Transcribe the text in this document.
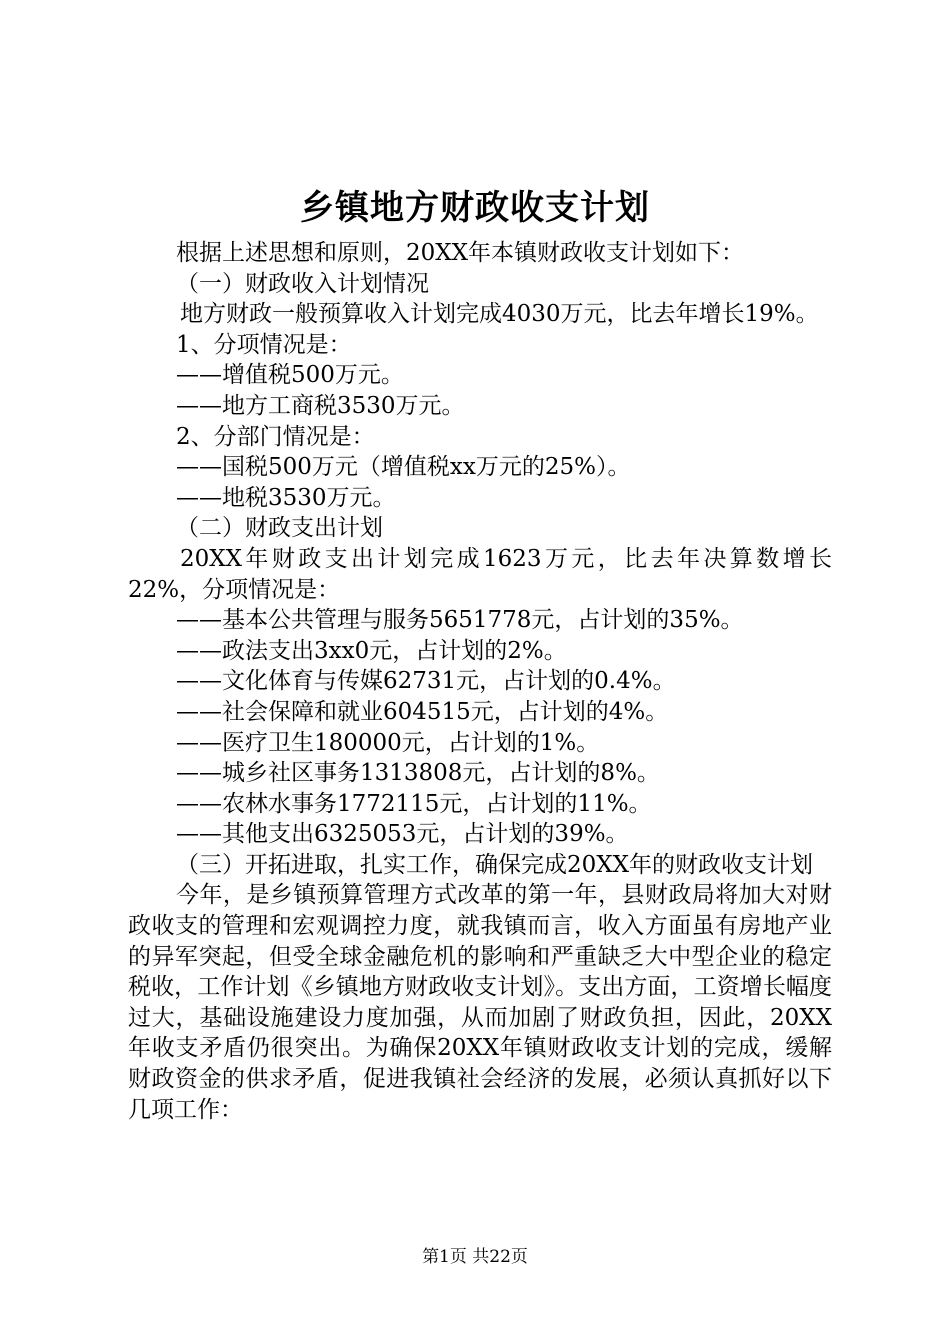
乡镇地方财政收支计划

根据上述思想和原则，20XX年本镇财政收支计划如下：

（一）财政收入计划情况

地方财政一般预算收入计划完成4030万元，比去年增长19%。

1、分项情况是：

——增值税500万元。

——地方工商税3530万元。

2、分部门情况是：

——国税500万元（增值税xx万元的25%）。

——地税3530万元。

（二）财政支出计划

20XX年财政支出计划完成1623万元，比去年决算数增长22%，分项情况是：

——基本公共管理与服务5651778元，占计划的35%。

——政法支出3xx0元，占计划的2%。

——文化体育与传媒62731元，占计划的0.4%。

——社会保障和就业604515元，占计划的4%。

——医疗卫生180000元，占计划的1%。

——城乡社区事务1313808元，占计划的8%。

——农林水事务1772115元，占计划的11%。

——其他支出6325053元，占计划的39%。

（三）开拓进取，扎实工作，确保完成20XX年的财政收支计划

今年，是乡镇预算管理方式改革的第一年，县财政局将加大对财政收支的管理和宏观调控力度，就我镇而言，收入方面虽有房地产业的异军突起，但受全球金融危机的影响和严重缺乏大中型企业的稳定税收，工作计划《乡镇地方财政收支计划》。支出方面，工资增长幅度过大，基础设施建设力度加强，从而加剧了财政负担，因此，20XX年收支矛盾仍很突出。为确保20XX年镇财政收支计划的完成，缓解财政资金的供求矛盾，促进我镇社会经济的发展，必须认真抓好以下几项工作：

第1页 共22页
